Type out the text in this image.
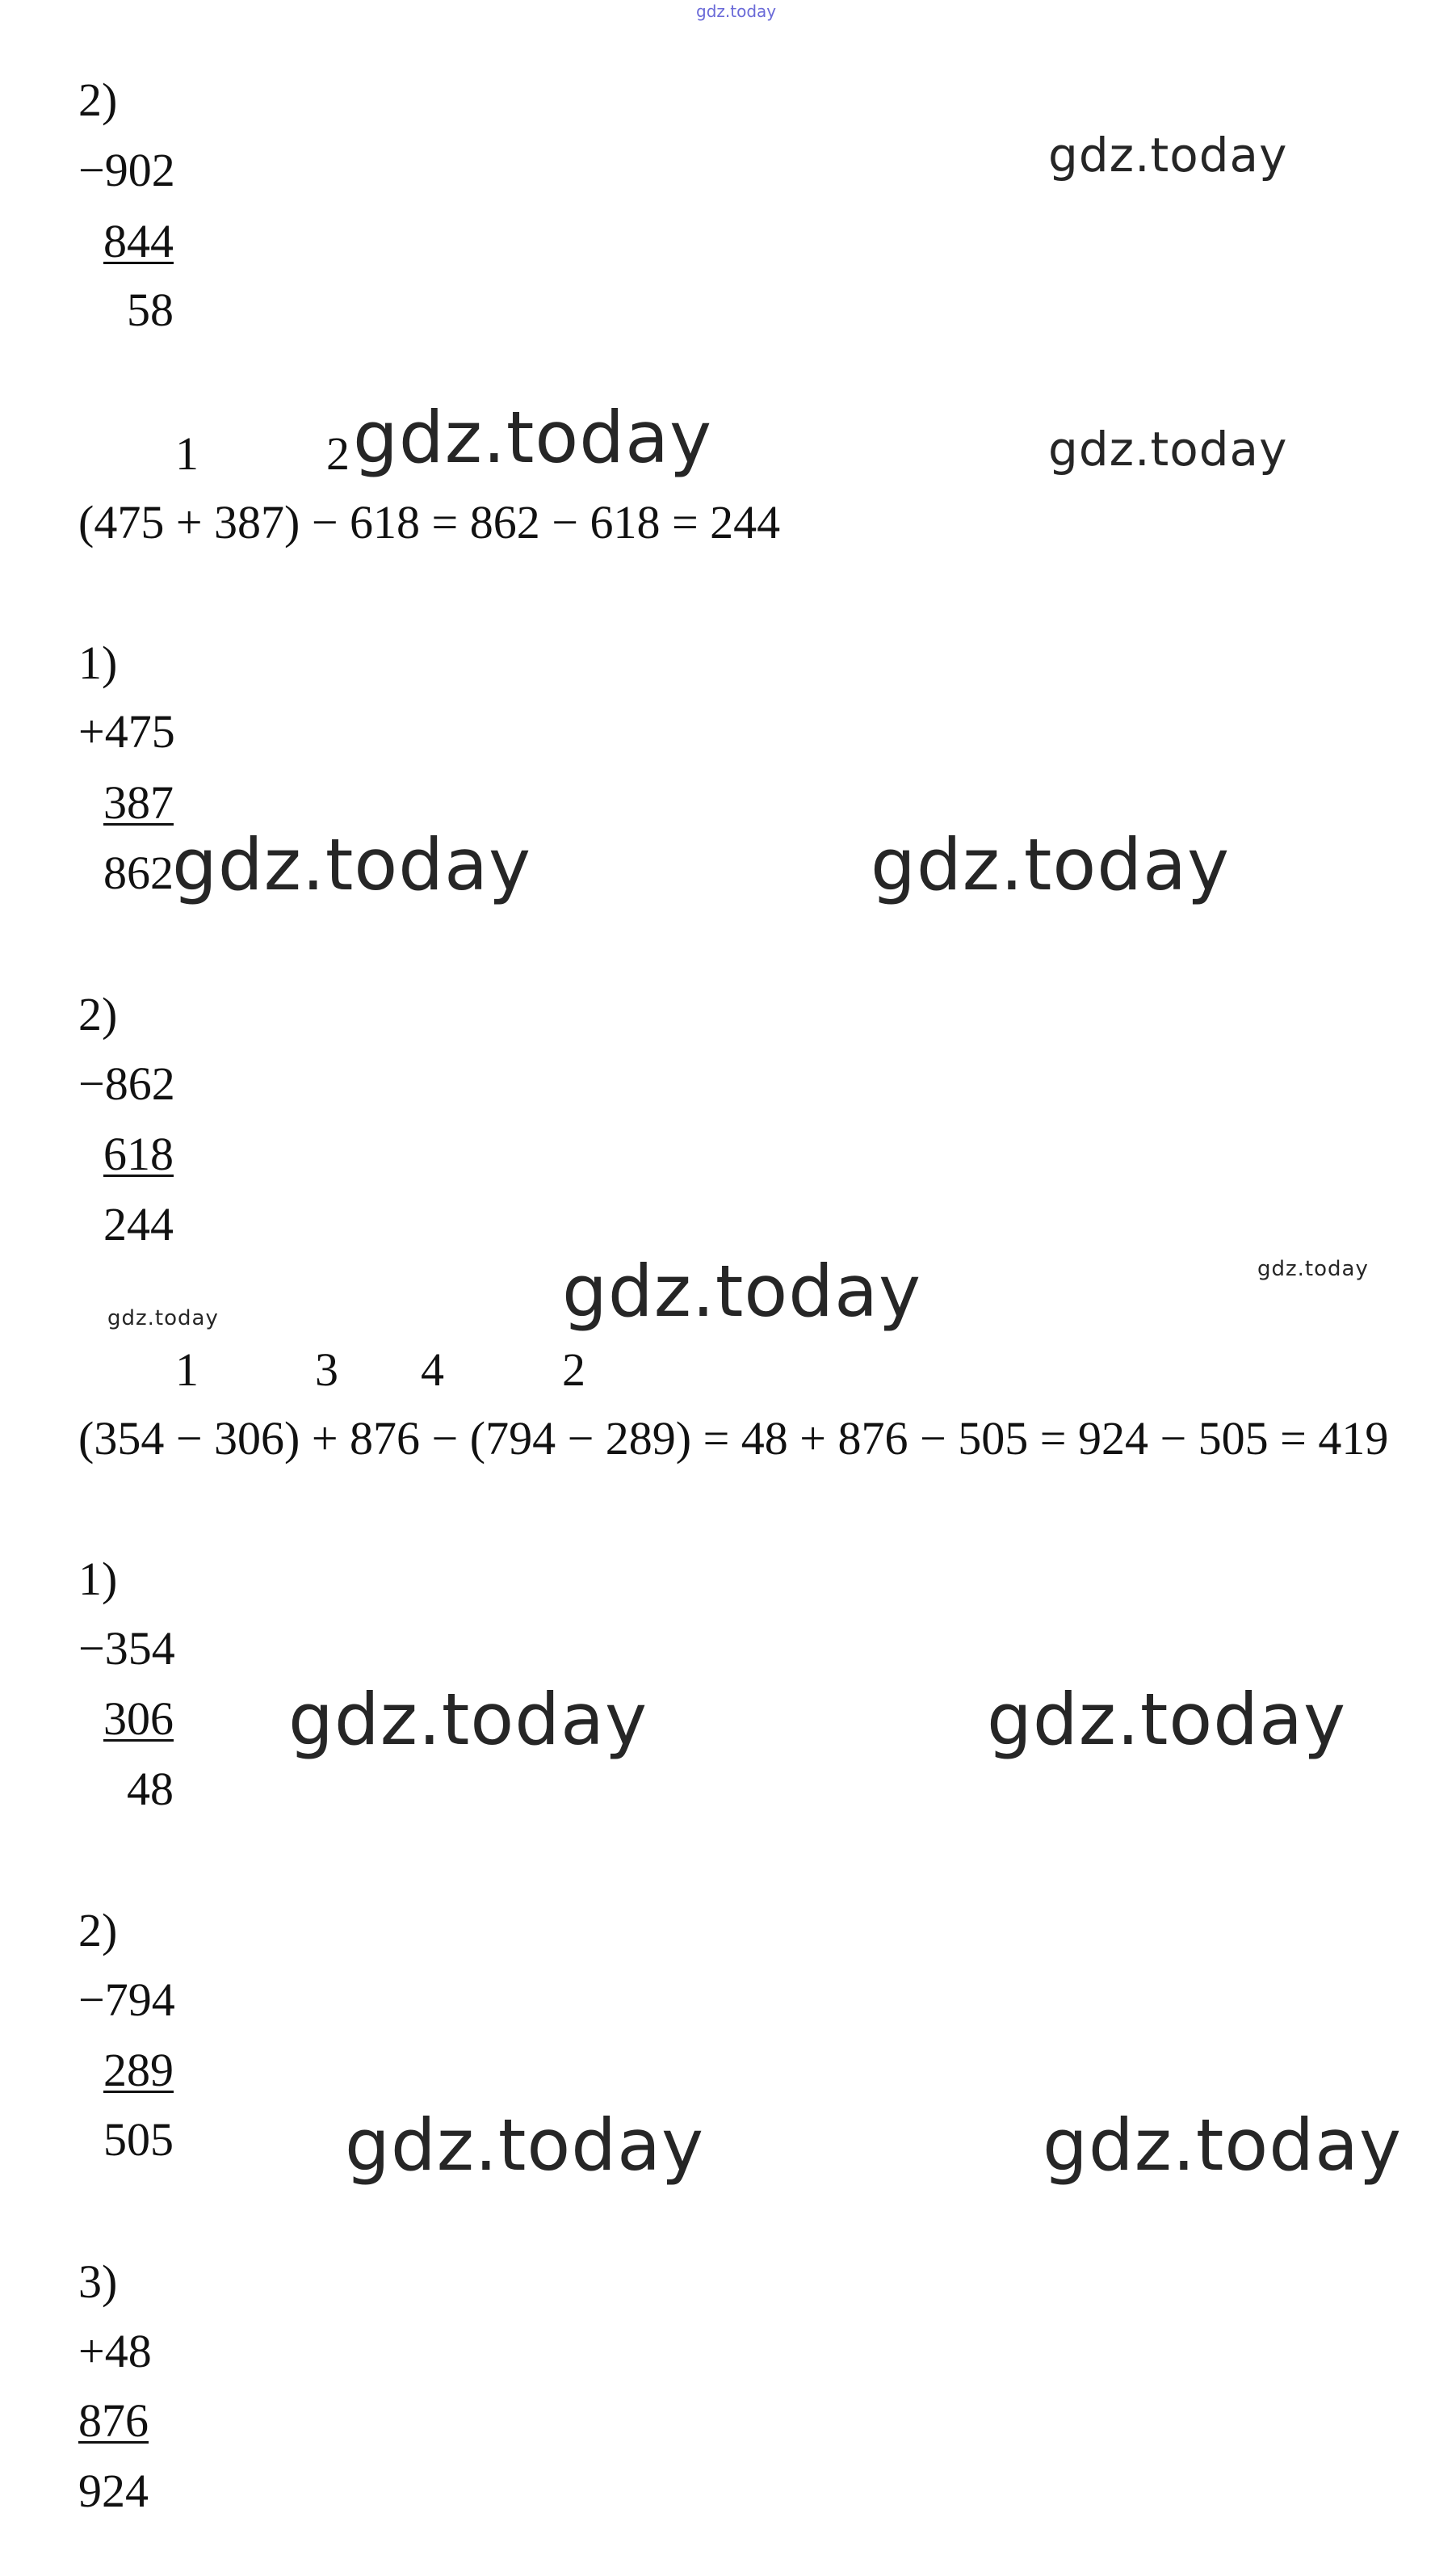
gdz.today
2)
−902
844
58
gdz.today
1	2 gdz.today	gdz.today
(475 + 387) − 618 = 862 − 618 = 244
1)
+475
387
862
gdz.today	gdz.today
2)
−862
618
244
gdz.today	gdz.today
gdz.today
1 3 4	2
(354 − 306) + 876 − (794 − 289) = 48 + 876 − 505 = 924 − 505 = 419
1)
−354
306
48
gdz.today	gdz.today
2)
−794
289
505 gdz.today	gdz.today
3)
+48
876
924
